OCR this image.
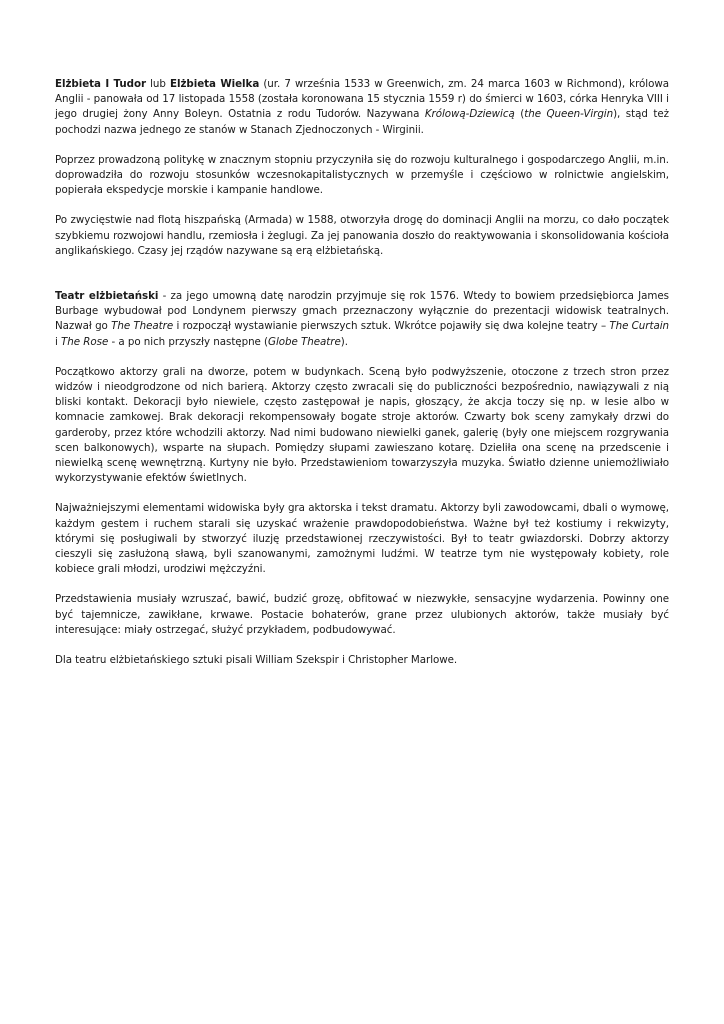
Elżbieta I Tudor lub Elżbieta Wielka (ur. 7 września 1533 w Greenwich, zm. 24 marca 1603 w Richmond), królowa Anglii - panowała od 17 listopada 1558 (została koronowana 15 stycznia 1559 r) do śmierci w 1603, córka Henryka VIII i jego drugiej żony Anny Boleyn. Ostatnia z rodu Tudorów. Nazywana Królową-Dziewicą (the Queen-Virgin), stąd też pochodzi nazwa jednego ze stanów w Stanach Zjednoczonych - Wirginii.

Poprzez prowadzoną politykę w znacznym stopniu przyczyniła się do rozwoju kulturalnego i gospodarczego Anglii, m.in. doprowadziła do rozwoju stosunków wczesnokapitalistycznych w przemyśle i częściowo w rolnictwie angielskim, popierała ekspedycje morskie i kampanie handlowe.

Po zwycięstwie nad flotą hiszpańską (Armada) w 1588, otworzyła drogę do dominacji Anglii na morzu, co dało początek szybkiemu rozwojowi handlu, rzemiosła i żeglugi. Za jej panowania doszło do reaktywowania i skonsolidowania kościoła anglikańskiego. Czasy jej rządów nazywane są erą elżbietańską.

Teatr elżbietański - za jego umowną datę narodzin przyjmuje się rok 1576. Wtedy to bowiem przedsiębiorca James Burbage wybudował pod Londynem pierwszy gmach przeznaczony wyłącznie do prezentacji widowisk teatralnych. Nazwał go The Theatre i rozpoczął wystawianie pierwszych sztuk. Wkrótce pojawiły się dwa kolejne teatry – The Curtain i The Rose - a po nich przyszły następne (Globe Theatre).

Początkowo aktorzy grali na dworze, potem w budynkach. Sceną było podwyższenie, otoczone z trzech stron przez widzów i nieodgrodzone od nich barierą. Aktorzy często zwracali się do publiczności bezpośrednio, nawiązywali z nią bliski kontakt. Dekoracji było niewiele, często zastępował je napis, głoszący, że akcja toczy się np. w lesie albo w komnacie zamkowej. Brak dekoracji rekompensowały bogate stroje aktorów. Czwarty bok sceny zamykały drzwi do garderoby, przez które wchodzili aktorzy. Nad nimi budowano niewielki ganek, galerię (były one miejscem rozgrywania scen balkonowych), wsparte na słupach. Pomiędzy słupami zawieszano kotarę. Dzieliła ona scenę na przedscenie i niewielką scenę wewnętrzną. Kurtyny nie było. Przedstawieniom towarzyszyła muzyka. Światło dzienne uniemożliwiało wykorzystywanie efektów świetlnych.

Najważniejszymi elementami widowiska były gra aktorska i tekst dramatu. Aktorzy byli zawodowcami, dbali o wymowę, każdym gestem i ruchem starali się uzyskać wrażenie prawdopodobieństwa. Ważne był też kostiumy i rekwizyty, którymi się posługiwali by stworzyć iluzję przedstawionej rzeczywistości. Był to teatr gwiazdorski. Dobrzy aktorzy cieszyli się zasłużoną sławą, byli szanowanymi, zamożnymi ludźmi. W teatrze tym nie występowały kobiety, role kobiece grali młodzi, urodziwi mężczyźni.

Przedstawienia musiały wzruszać, bawić, budzić grozę, obfitować w niezwykłe, sensacyjne wydarzenia. Powinny one być tajemnicze, zawikłane, krwawe. Postacie bohaterów, grane przez ulubionych aktorów, także musiały być interesujące: miały ostrzegać, służyć przykładem, podbudowywać.

Dla teatru elżbietańskiego sztuki pisali William Szekspir i Christopher Marlowe.
